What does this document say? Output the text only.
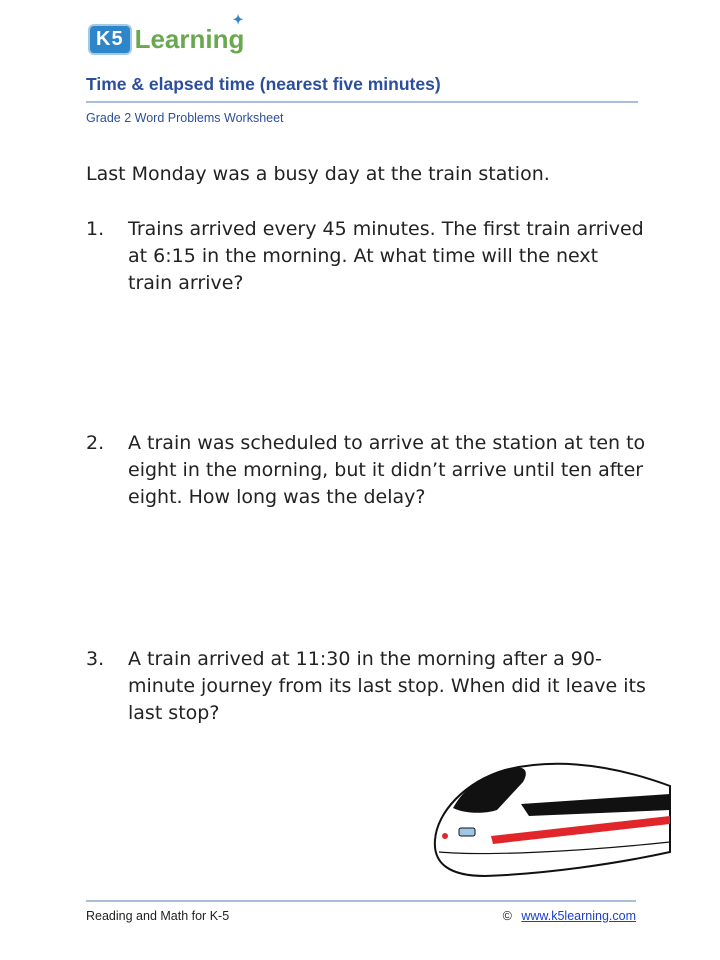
K5 Learning
✦
Time & elapsed time (nearest five minutes)
Grade 2 Word Problems Worksheet
Last Monday was a busy day at the train station.
1. Trains arrived every 45 minutes. The first train arrived at 6:15 in the morning. At what time will the next train arrive?
2. A train was scheduled to arrive at the station at ten to eight in the morning, but it didn’t arrive until ten after eight. How long was the delay?
3. A train arrived at 11:30 in the morning after a 90-minute journey from its last stop. When did it leave its last stop?
Reading and Math for K-5	© www.k5learning.com
